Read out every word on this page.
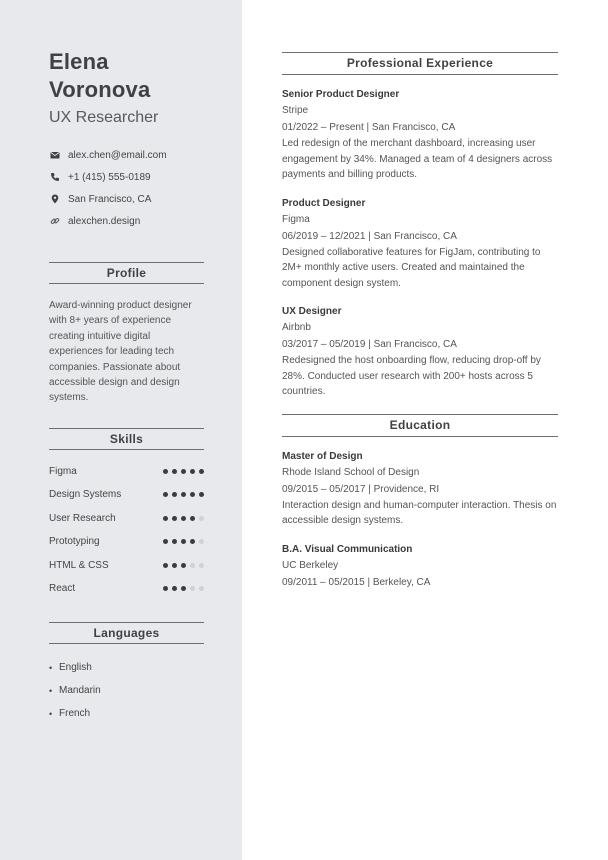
Elena
Voronova
UX Researcher
alex.chen@email.com
+1 (415) 555-0189
San Francisco, CA
alexchen.design
Profile
Award-winning product designer with 8+ years of experience creating intuitive digital experiences for leading tech companies. Passionate about accessible design and design systems.
Skills
Figma
Design Systems
User Research
Prototyping
HTML & CSS
React
Languages
• English
• Mandarin
• French
Professional Experience
Senior Product Designer
Stripe
01/2022 – Present | San Francisco, CA
Led redesign of the merchant dashboard, increasing user engagement by 34%. Managed a team of 4 designers across payments and billing products.
Product Designer
Figma
06/2019 – 12/2021 | San Francisco, CA
Designed collaborative features for FigJam, contributing to 2M+ monthly active users. Created and maintained the component design system.
UX Designer
Airbnb
03/2017 – 05/2019 | San Francisco, CA
Redesigned the host onboarding flow, reducing drop-off by 28%. Conducted user research with 200+ hosts across 5 countries.
Education
Master of Design
Rhode Island School of Design
09/2015 – 05/2017 | Providence, RI
Interaction design and human-computer interaction. Thesis on accessible design systems.
B.A. Visual Communication
UC Berkeley
09/2011 – 05/2015 | Berkeley, CA
